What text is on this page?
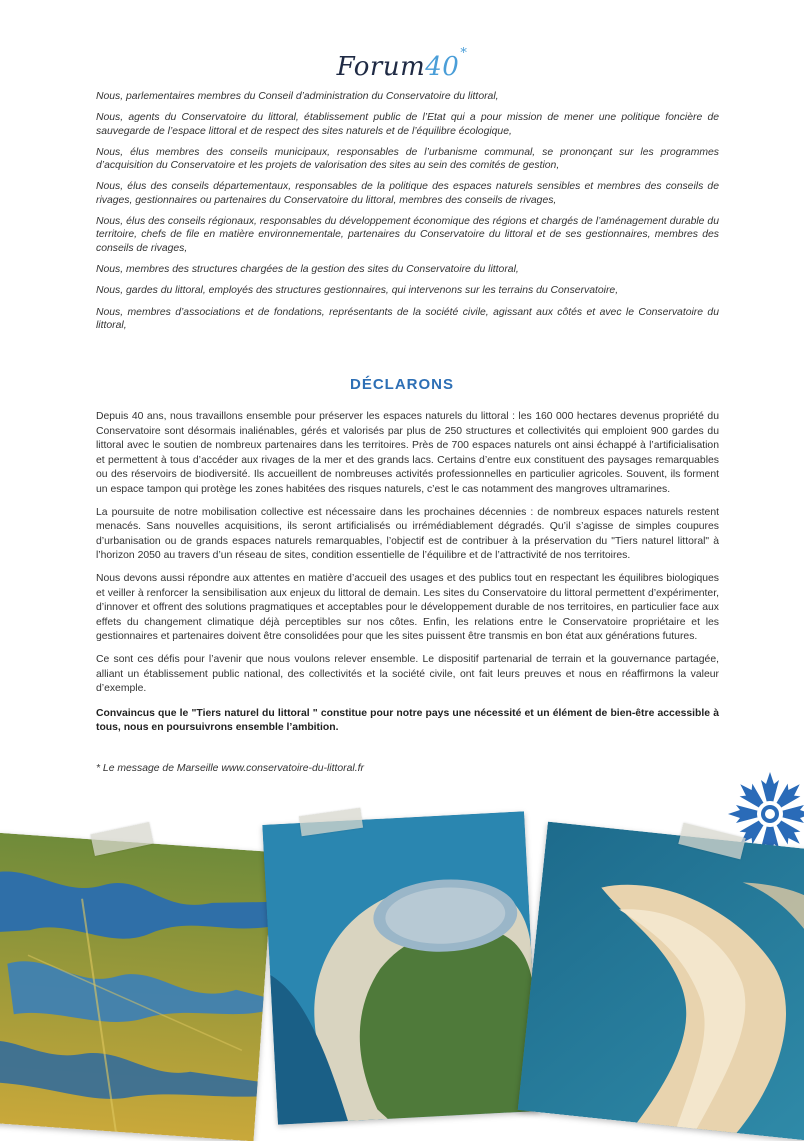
Forum40*

Nous, parlementaires membres du Conseil d’administration du Conservatoire du littoral,

Nous, agents du Conservatoire du littoral, établissement public de l’Etat qui a pour mission de mener une politique foncière de sauvegarde de l’espace littoral et de respect des sites naturels et de l’équilibre écologique,

Nous, élus membres des conseils municipaux, responsables de l’urbanisme communal, se prononçant sur les programmes d’acquisition du Conservatoire et les projets de valorisation des sites au sein des comités de gestion,

Nous, élus des conseils départementaux, responsables de la politique des espaces naturels sensibles et membres des conseils de rivages, gestionnaires ou partenaires du Conservatoire du littoral, membres des conseils de rivages,

Nous, élus des conseils régionaux, responsables du développement économique des régions et chargés de l’aménagement durable du territoire, chefs de file en matière environnementale, partenaires du Conservatoire du littoral et de ses gestionnaires, membres des conseils de rivages,

Nous, membres des structures chargées de la gestion des sites du Conservatoire du littoral,

Nous, gardes du littoral, employés des structures gestionnaires, qui intervenons sur les terrains du Conservatoire,

Nous, membres d’associations et de fondations, représentants de la société civile, agissant aux côtés et avec le Conservatoire du littoral,

DÉCLARONS

Depuis 40 ans, nous travaillons ensemble pour préserver les espaces naturels du littoral : les 160 000 hectares devenus propriété du Conservatoire sont désormais inaliénables, gérés et valorisés par plus de 250 structures et collectivités qui emploient 900 gardes du littoral avec le soutien de nombreux partenaires dans les territoires. Près de 700 espaces naturels ont ainsi échappé à l’artificialisation et permettent à tous d’accéder aux rivages de la mer et des grands lacs. Certains d’entre eux constituent des paysages remarquables ou des réservoirs de biodiversité. Ils accueillent de nombreuses activités professionnelles en particulier agricoles. Souvent, ils forment un espace tampon qui protège les zones habitées des risques naturels, c’est le cas notamment des mangroves ultramarines.

La poursuite de notre mobilisation collective est nécessaire dans les prochaines décennies : de nombreux espaces naturels restent menacés. Sans nouvelles acquisitions, ils seront artificialisés ou irrémédiablement dégradés. Qu’il s’agisse de simples coupures d’urbanisation ou de grands espaces naturels remarquables, l’objectif est de contribuer à la préservation du "Tiers naturel littoral" à l’horizon 2050 au travers d’un réseau de sites, condition essentielle de l’équilibre et de l’attractivité de nos territoires.

Nous devons aussi répondre aux attentes en matière d’accueil des usages et des publics tout en respectant les équilibres biologiques et veiller à renforcer la sensibilisation aux enjeux du littoral de demain. Les sites du Conservatoire du littoral permettent d’expérimenter, d’innover et offrent des solutions pragmatiques et acceptables pour le développement durable de nos territoires, en particulier face aux effets du changement climatique déjà perceptibles sur nos côtes. Enfin, les relations entre le Conservatoire propriétaire et les gestionnaires et partenaires doivent être consolidées pour que les sites puissent être transmis en bon état aux générations futures.

Ce sont ces défis pour l’avenir que nous voulons relever ensemble. Le dispositif partenarial de terrain et la gouvernance partagée, alliant un établissement public national, des collectivités et la société civile, ont fait leurs preuves et nous en réaffirmons la valeur d’exemple.

Convaincus que le "Tiers naturel du littoral " constitue pour notre pays une nécessité et un élément de bien-être accessible à tous, nous en poursuivrons ensemble l’ambition.

* Le message de Marseille www.conservatoire-du-littoral.fr
